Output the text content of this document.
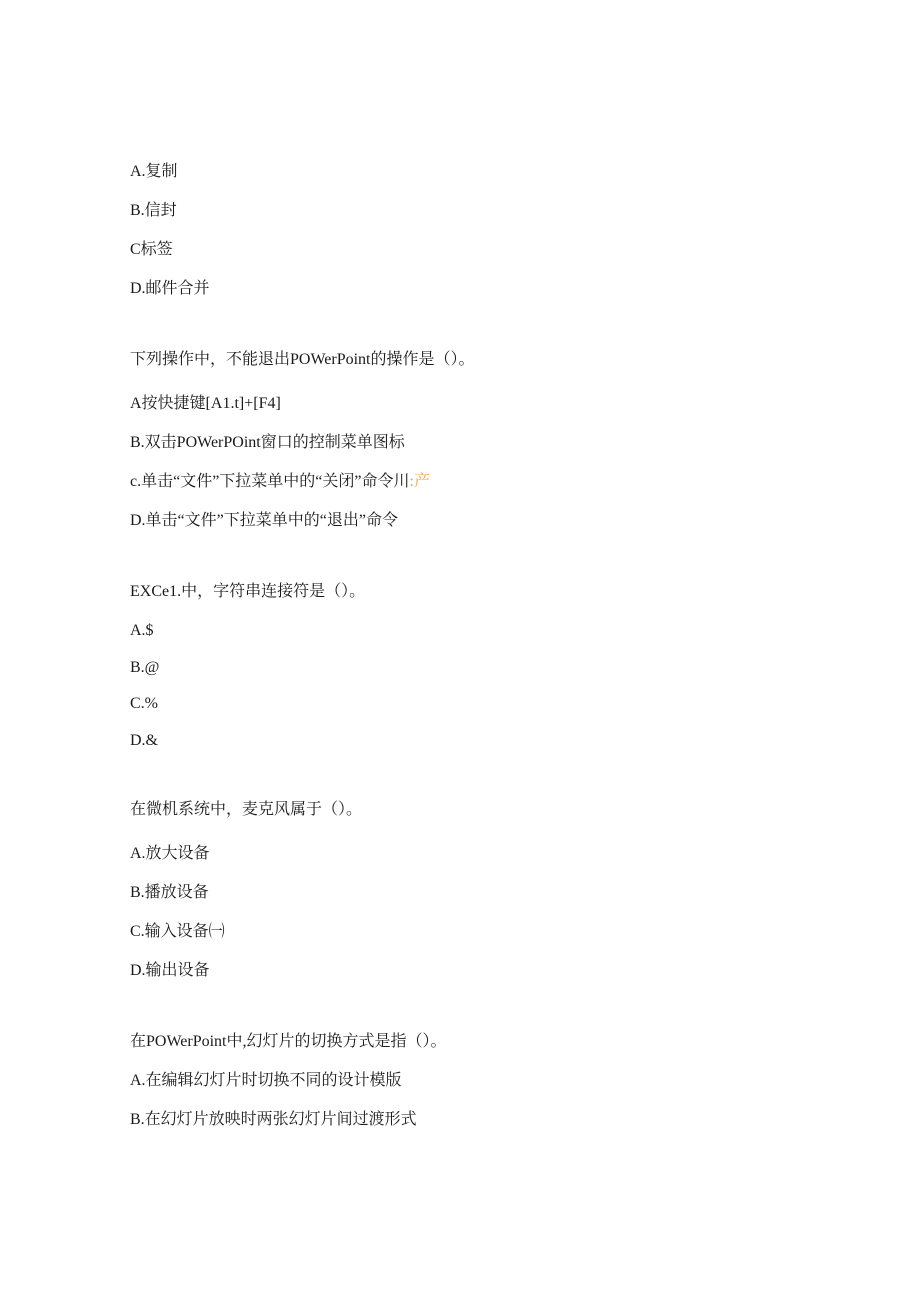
A.复制
B.信封
C标签
D.邮件合并
下列操作中，不能退出POWerPoint的操作是（）。
A按快捷键[A1.t]+[F4]
B.双击POWerPOint窗口的控制菜单图标
c.单击“文件”下拉菜单中的“关闭”命令川:产
D.单击“文件”下拉菜单中的“退出”命令
EXCe1.中，字符串连接符是（）。
A.$
B.@
C.%
D.&
在微机系统中，麦克风属于（）。
A.放大设备
B.播放设备
C.输入设备㈠
D.输出设备
在POWerPoint中,幻灯片的切换方式是指（）。
A.在编辑幻灯片时切换不同的设计模版
B.在幻灯片放映时两张幻灯片间过渡形式
